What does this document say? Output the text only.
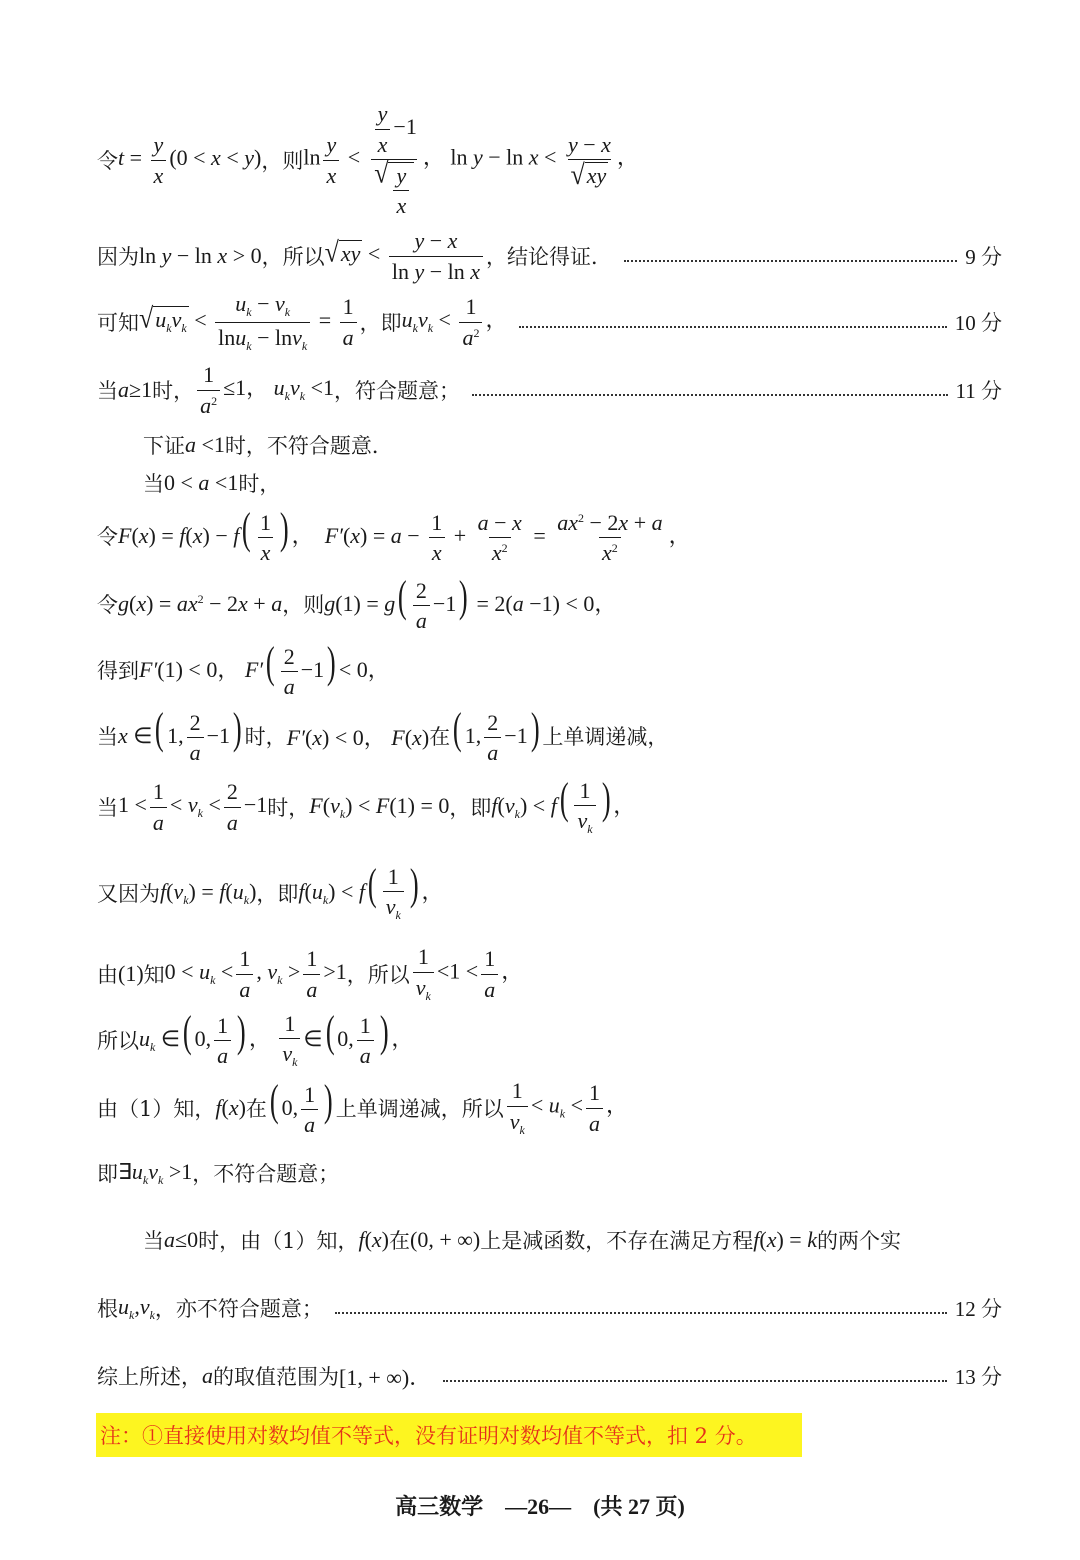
令 $t = \frac{y}{x} (0 < x < y)$ ，则 $\ln \frac{y}{x} < \frac{\frac{y}{x} -1}{√ \frac{y}{x}}$ ， $\ln y - \ln x < \frac{y - x}{√ xy}$ ，
因为 ln y − ln x > 0 ，所以 √ xy < $\frac{y - x}{\text{ln y − ln x}}$ ，结论得证．	9 分
可知 √ $u_kv_k < \frac{u_k - v_k}{\ln u_k - \ln v_k} = \frac{1}{a}$ ，即 $u_kv_k < \frac{1}{a^2}$ ，	10 分
当 a≥1 时， $\frac{1}{a^2} \le 1$， $u_kv_k <1$ ，符合题意；	11 分
下证 a <1 时，不符合题意．
当 0 < a <1 时，
令 $F(x) = f(x) - f( \frac{1}{x}$ ) ，  $F'(x) = a - \frac{1}{x} + \frac{a - x}{x^2} = \frac{ax^2 - 2x + a}{x^2}$ ，
令 $g(x) = ax^2 - 2x + a$ ，则 $g(1) = g( \frac{2}{a} -1) = 2(a -1) < 0$，
得到 F′(1) < 0， $F'( \frac{2}{a} -1) < 0$，
当 x ∈( 1, $\frac{2}{a} -1$) 时， F′(x) < 0， F(x) 在 ( 1, $\frac{2}{a} -1$) 上单调递减，
当 $1 < \frac{1}{a} < v_k < \frac{2}{a} -1$ 时， $F(v_k) < F(1) = 0$ ，即 $f(v_k) < f( \frac{1}{v_k}$ ) ，
又因为 $f(v_k) = f(u_k)$ ，即 $f(u_k) < f( \frac{1}{v_k}$ ) ，
由 (1) 知 $0 < u_k < \frac{1}{a}$ , $v_k > \frac{1}{a} >1$ ，所以 $\frac{1}{v_k} <1 < \frac{1}{a}$ ，
所以 $u_k$ ∈( 0, $\frac{1}{a}$ ) ， $\frac{1}{v_k}$ ∈( 0, $\frac{1}{a}$ ) ，
由（1）知， f(x) 在 ( 0, $\frac{1}{a}$ ) 上单调递减，所以 $\frac{1}{v_k} < u_k < \frac{1}{a}$ ，
即 $\exists u_kv_k >1$ ，不符合题意；
当 a≤0 时，由（1）知， f(x) 在 (0, + ∞) 上是减函数，不存在满足方程 f(x) = k 的两个实
根 $u_k,v_k$ ，亦不符合题意；	12 分
综上所述， a 的取值范围为 [1, + ∞)．	13 分
注：①直接使用对数均值不等式，没有证明对数均值不等式，扣 2 分。
高三数学　—26—　(共 27 页)
